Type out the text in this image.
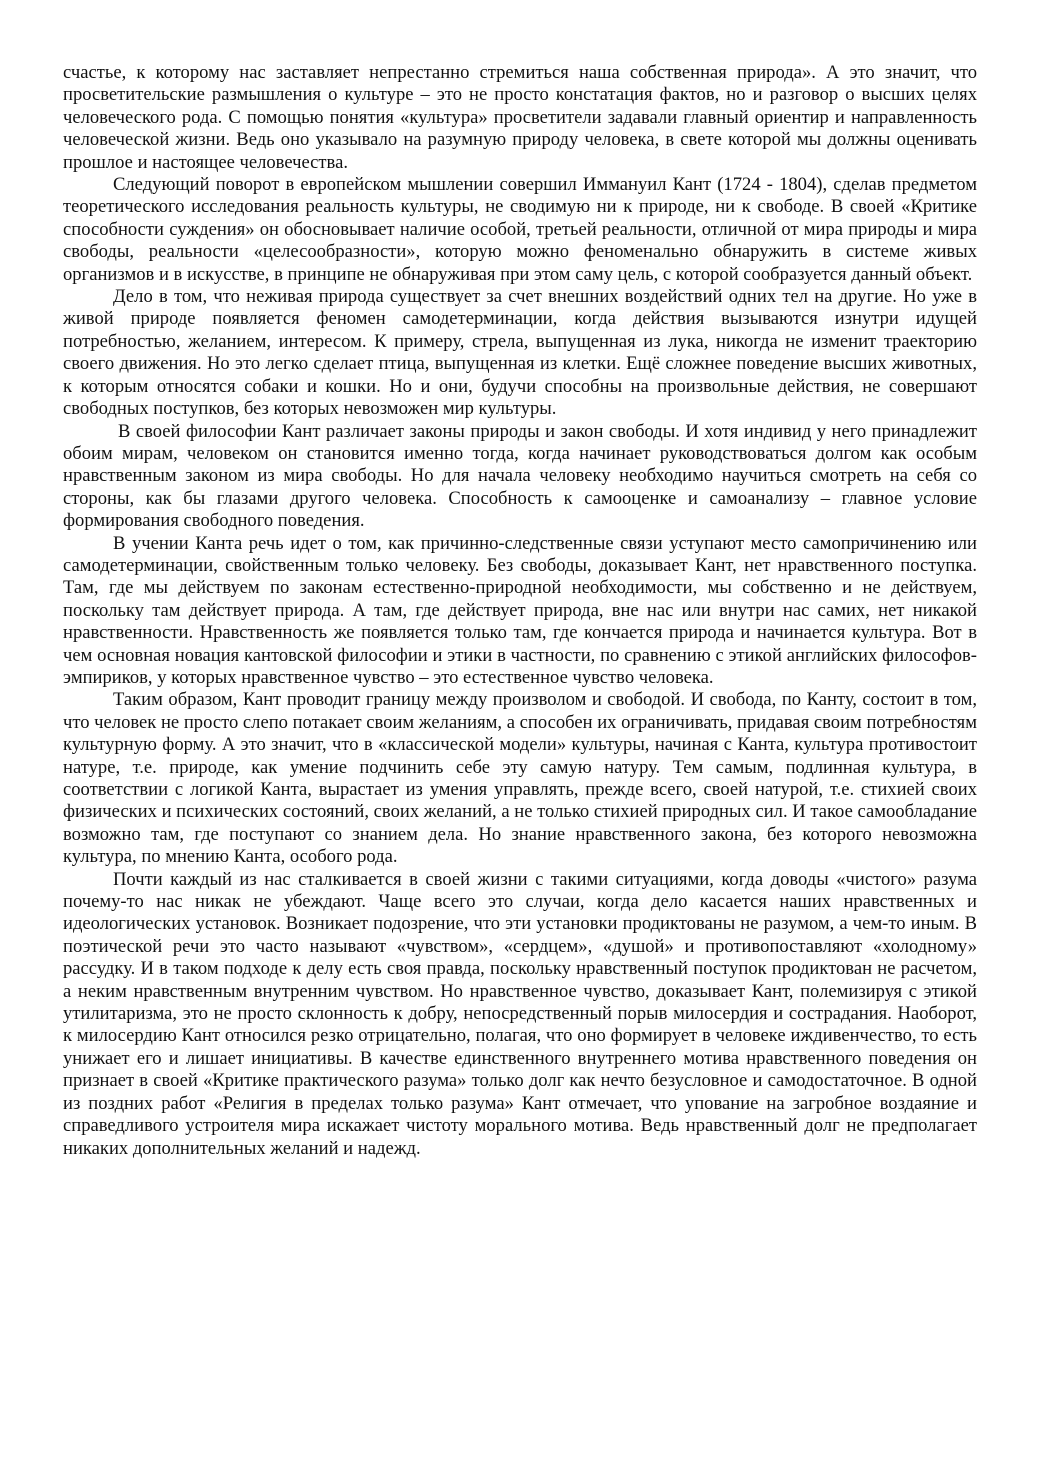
счастье, к которому нас заставляет непрестанно стремиться наша собственная природа». А это значит, что просветительские размышления о культуре – это не просто констатация фактов, но и разговор о высших целях человеческого рода. С помощью понятия «культура» просветители задавали главный ориентир и направленность человеческой жизни. Ведь оно указывало на разумную природу человека, в свете которой мы должны оценивать прошлое и настоящее человечества.

Следующий поворот в европейском мышлении совершил Иммануил Кант (1724 - 1804), сделав предметом теоретического исследования реальность культуры, не сводимую ни к природе, ни к свободе. В своей «Критике способности суждения» он обосновывает наличие особой, третьей реальности, отличной от мира природы и мира свободы, реальности «целесообразности», которую можно феноменально обнаружить в системе живых организмов и в искусстве, в принципе не обнаруживая при этом саму цель, с которой сообразуется данный объект.

Дело в том, что неживая природа существует за счет внешних воздействий одних тел на другие. Но уже в живой природе появляется феномен самодетерминации, когда действия вызываются изнутри идущей потребностью, желанием, интересом. К примеру, стрела, выпущенная из лука, никогда не изменит траекторию своего движения. Но это легко сделает птица, выпущенная из клетки. Ещё сложнее поведение высших животных, к которым относятся собаки и кошки. Но и они, будучи способны на произвольные действия, не совершают свободных поступков, без которых невозможен мир культуры.

В своей философии Кант различает законы природы и закон свободы. И хотя индивид у него принадлежит обоим мирам, человеком он становится именно тогда, когда начинает руководствоваться долгом как особым нравственным законом из мира свободы. Но для начала человеку необходимо научиться смотреть на себя со стороны, как бы глазами другого человека. Способность к самооценке и самоанализу – главное условие формирования свободного поведения.

В учении Канта речь идет о том, как причинно-следственные связи уступают место самопричинению или самодетерминации, свойственным только человеку. Без свободы, доказывает Кант, нет нравственного поступка. Там, где мы действуем по законам естественно-природной необходимости, мы собственно и не действуем, поскольку там действует природа. А там, где действует природа, вне нас или внутри нас самих, нет никакой нравственности. Нравственность же появляется только там, где кончается природа и начинается культура. Вот в чем основная новация кантовской философии и этики в частности, по сравнению с этикой английских философов-эмпириков, у которых нравственное чувство – это естественное чувство человека.

Таким образом, Кант проводит границу между произволом и свободой. И свобода, по Канту, состоит в том, что человек не просто слепо потакает своим желаниям, а способен их ограничивать, придавая своим потребностям культурную форму. А это значит, что в «классической модели» культуры, начиная с Канта, культура противостоит натуре, т.е. природе, как умение подчинить себе эту самую натуру. Тем самым, подлинная культура, в соответствии с логикой Канта, вырастает из умения управлять, прежде всего, своей натурой, т.е. стихией своих физических и психических состояний, своих желаний, а не только стихией природных сил. И такое самообладание возможно там, где поступают со знанием дела. Но знание нравственного закона, без которого невозможна культура, по мнению Канта, особого рода.

Почти каждый из нас сталкивается в своей жизни с такими ситуациями, когда доводы «чистого» разума почему-то нас никак не убеждают. Чаще всего это случаи, когда дело касается наших нравственных и идеологических установок. Возникает подозрение, что эти установки продиктованы не разумом, а чем-то иным. В поэтической речи это часто называют «чувством», «сердцем», «душой» и противопоставляют «холодному» рассудку. И в таком подходе к делу есть своя правда, поскольку нравственный поступок продиктован не расчетом, а неким нравственным внутренним чувством. Но нравственное чувство, доказывает Кант, полемизируя с этикой утилитаризма, это не просто склонность к добру, непосредственный порыв милосердия и сострадания. Наоборот, к милосердию Кант относился резко отрицательно, полагая, что оно формирует в человеке иждивенчество, то есть унижает его и лишает инициативы. В качестве единственного внутреннего мотива нравственного поведения он признает в своей «Критике практического разума» только долг как нечто безусловное и самодостаточное. В одной из поздних работ «Религия в пределах только разума» Кант отмечает, что упование на загробное воздаяние и справедливого устроителя мира искажает чистоту морального мотива. Ведь нравственный долг не предполагает никаких дополнительных желаний и надежд.
